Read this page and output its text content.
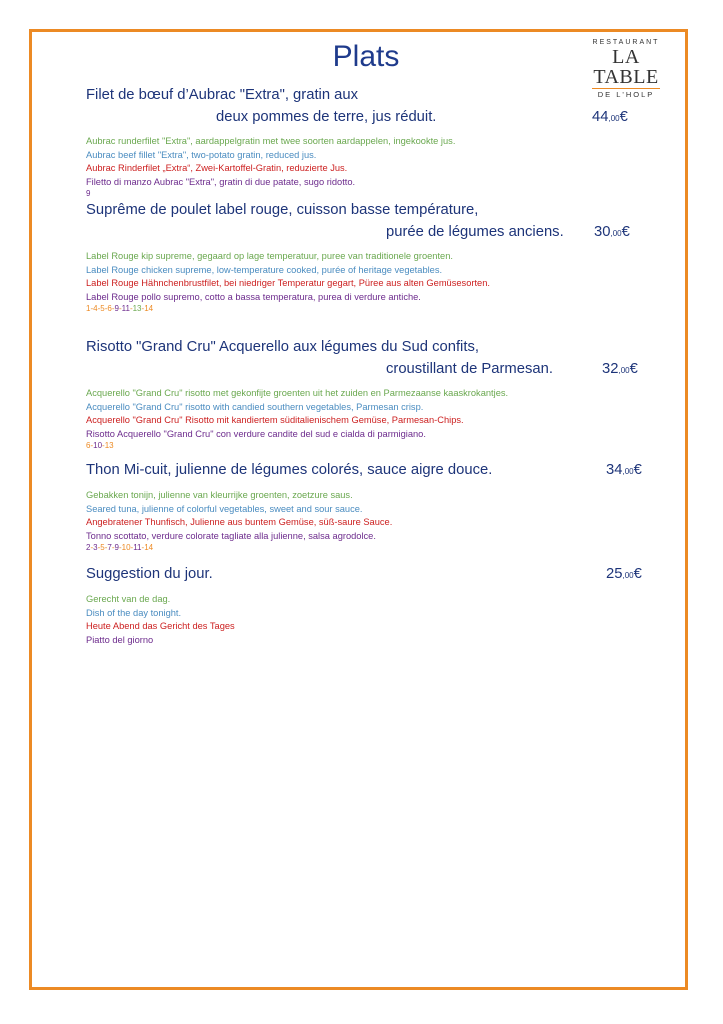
Plats	RESTAURANT
LA TABLE
DE L'HOLP
Filet de bœuf d’Aubrac "Extra", gratin aux
deux pommes de terre, jus réduit.	44,00€
Aubrac runderfilet "Extra", aardappelgratin met twee soorten aardappelen, ingekookte jus.
Aubrac beef fillet "Extra", two-potato gratin, reduced jus.
Aubrac Rinderfilet „Extra“, Zwei-Kartoffel-Gratin, reduzierte Jus.
Filetto di manzo Aubrac "Extra", gratin di due patate, sugo ridotto.
9
Suprême de poulet label rouge, cuisson basse température,
purée de légumes anciens. 30,00€
Label Rouge kip supreme, gegaard op lage temperatuur, puree van traditionele groenten.
Label Rouge chicken supreme, low-temperature cooked, purée of heritage vegetables.
Label Rouge Hähnchenbrustfilet, bei niedriger Temperatur gegart, Püree aus alten Gemüsesorten.
Label Rouge pollo supremo, cotto a bassa temperatura, purea di verdure antiche.
1-4-5-6-9-11-13-14
Risotto "Grand Cru" Acquerello aux légumes du Sud confits,
croustillant de Parmesan.	32,00€
Acquerello "Grand Cru" risotto met gekonfijte groenten uit het zuiden en Parmezaanse kaaskrokantjes.
Acquerello "Grand Cru" risotto with candied southern vegetables, Parmesan crisp.
Acquerello "Grand Cru" Risotto mit kandiertem süditalienischem Gemüse, Parmesan-Chips.
Risotto Acquerello "Grand Cru" con verdure candite del sud e cialda di parmigiano.
6-10-13
Thon Mi-cuit, julienne de légumes colorés, sauce aigre douce.	34,00€
Gebakken tonijn, julienne van kleurrijke groenten, zoetzure saus.
Seared tuna, julienne of colorful vegetables, sweet and sour sauce.
Angebratener Thunfisch, Julienne aus buntem Gemüse, süß-saure Sauce.
Tonno scottato, verdure colorate tagliate alla julienne, salsa agrodolce.
2-3-5-7-9-10-11-14
Suggestion du jour.	25,00€
Gerecht van de dag.
Dish of the day tonight.
Heute Abend das Gericht des Tages
Piatto del giorno
